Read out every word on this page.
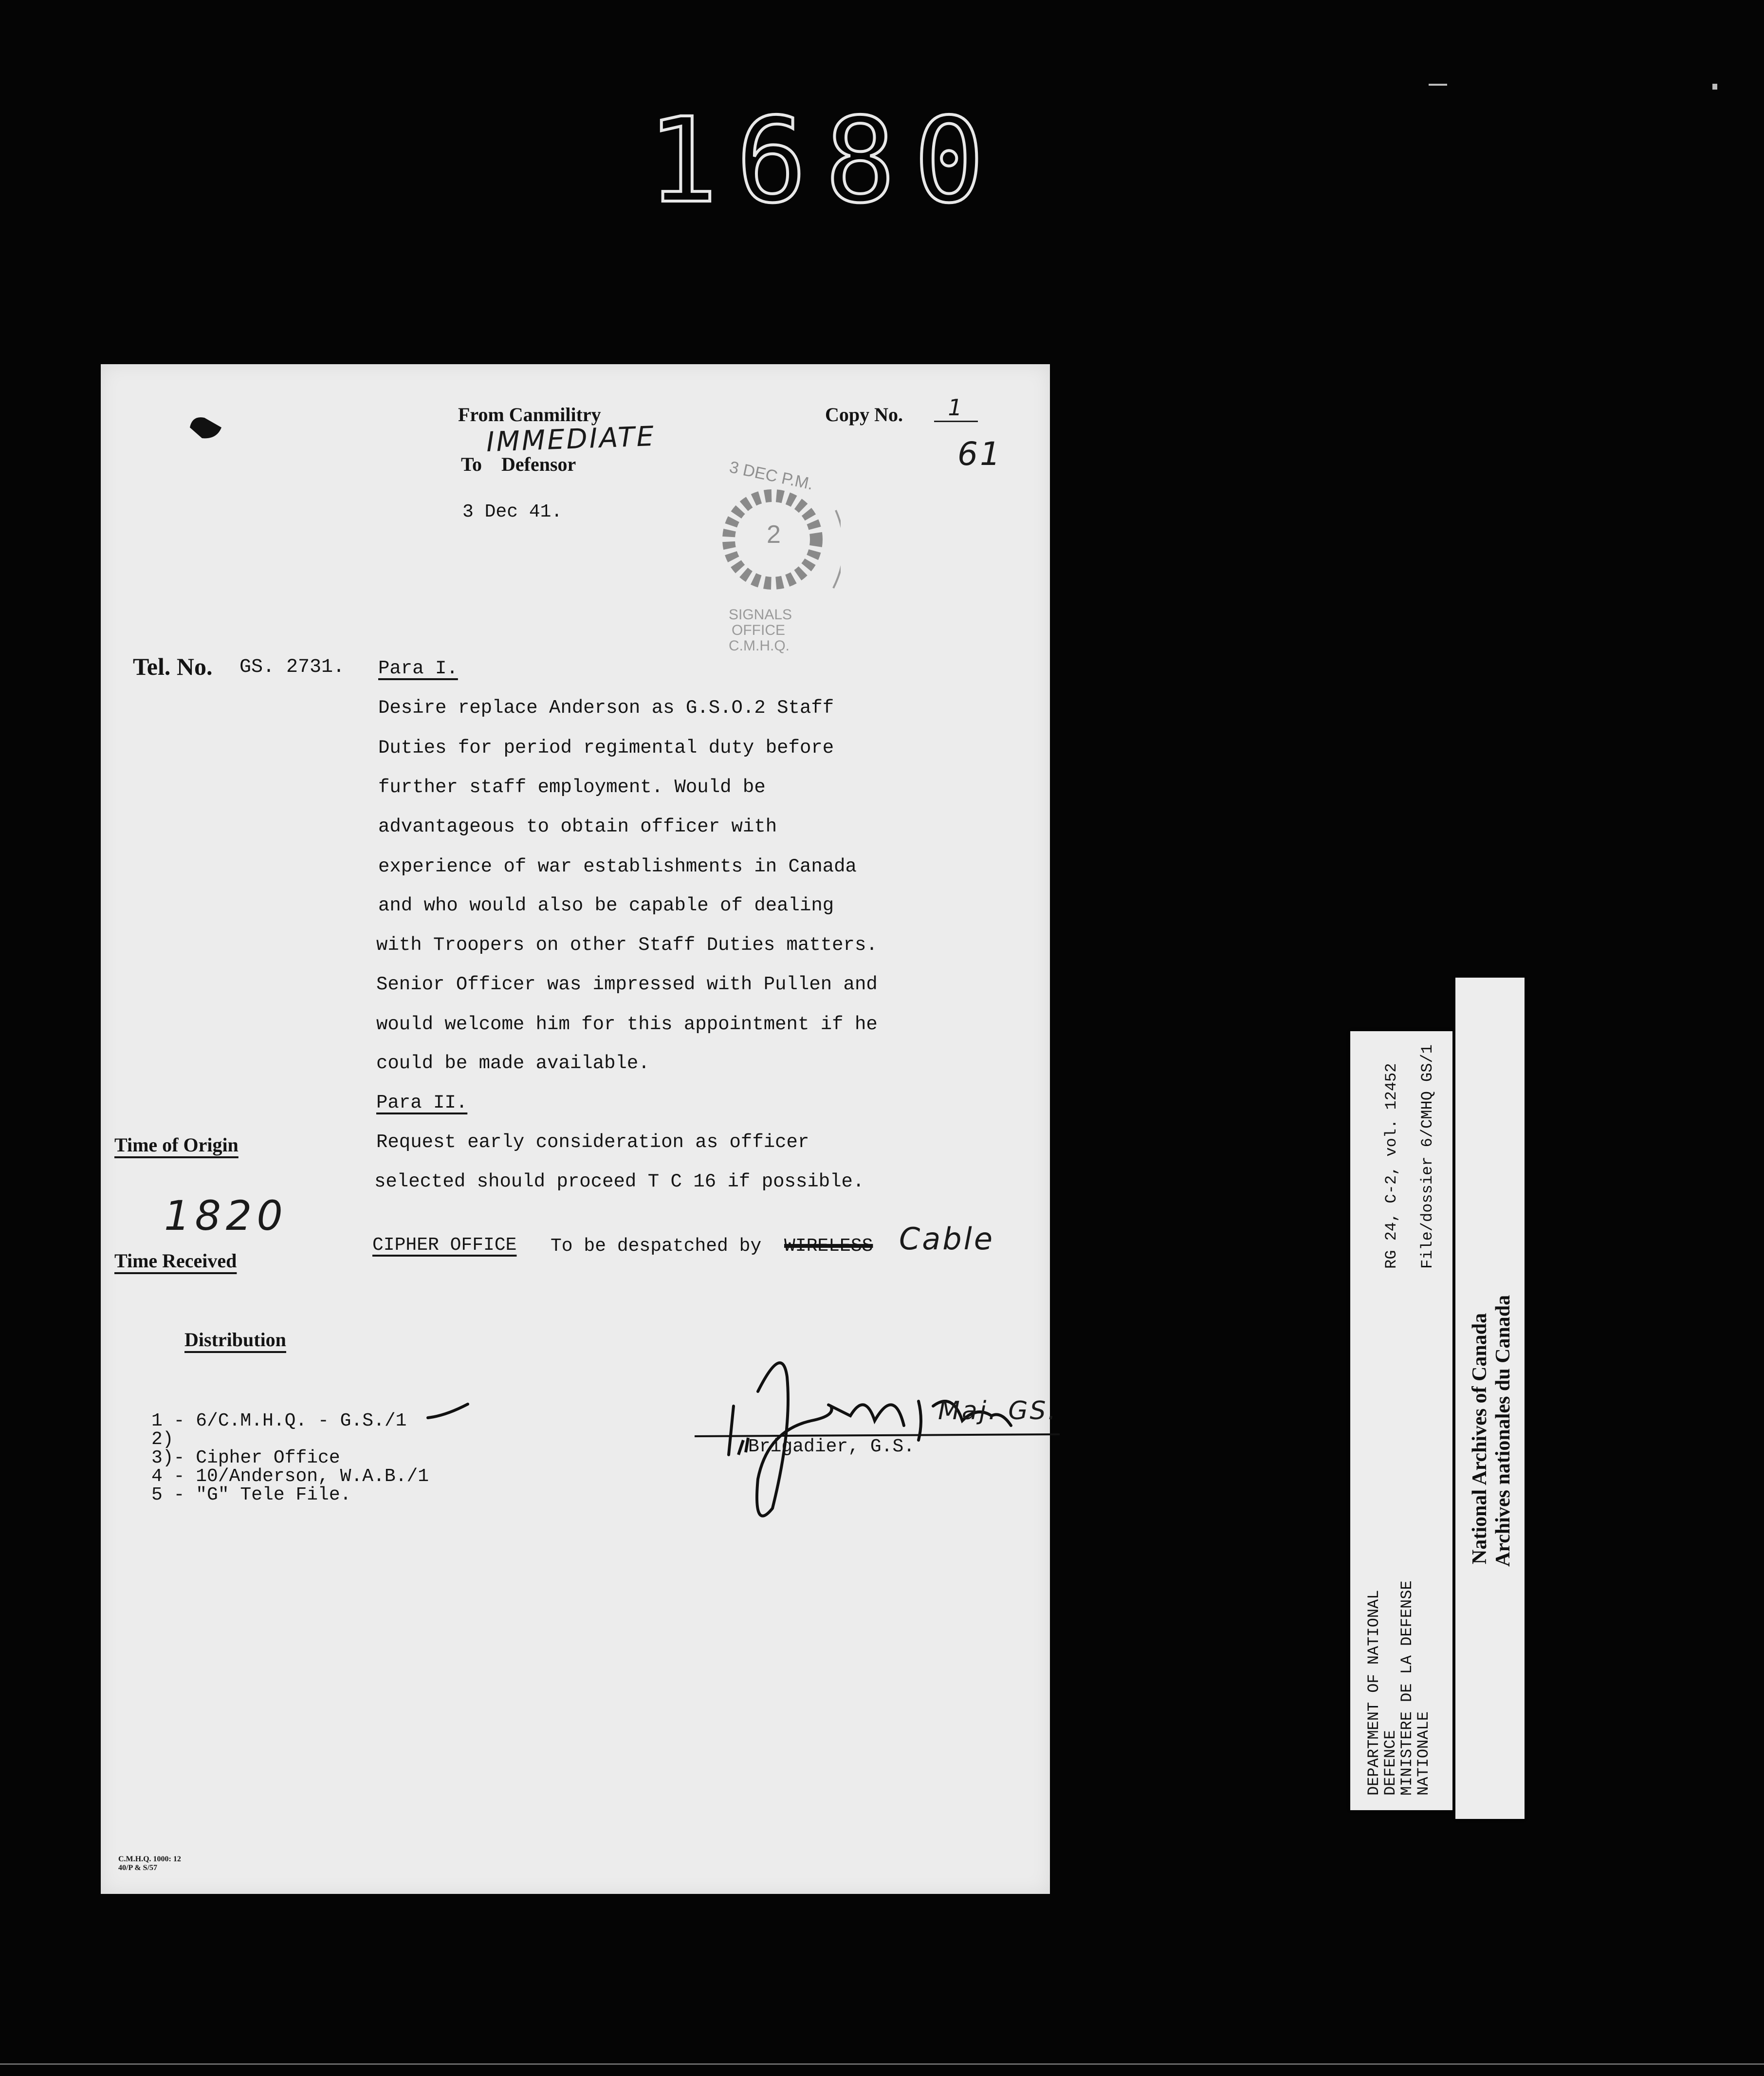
1680
From Canmilitry
IMMEDIATE
To Defensor
Copy No.	1
61
3 Dec 41.
3 DEC P.M.
2
SIGNALS
OFFICE
C.M.H.Q.
Tel. No. GS. 2731. Para I.
Desire replace Anderson as G.S.O.2 Staff
Duties for period regimental duty before
further staff employment. Would be
advantageous to obtain officer with
experience of war establishments in Canada
and who would also be capable of dealing
with Troopers on other Staff Duties matters.
Senior Officer was impressed with Pullen and
would welcome him for this appointment if he
could be made available.
Para II.
Request early consideration as officer
selected should proceed T C 16 if possible.
Time of Origin
1820
Time Received
CIPHER OFFICE To be despatched by WIRELESS Cable
Distribution
1 - 6/C.M.H.Q. - G.S./1
2)
3)- Cipher Office
4 - 10/Anderson, W.A.B./1
5 - "G" Tele File.
Maj. GS.
Brigadier, G.S.
C.M.H.Q. 1000: 12
40/P & S/57
DEPARTMENT OF NATIONAL
DEFENCE
MINISTERE DE LA DEFENSE
NATIONALE
RG 24, C-2, vol. 12452 File/dossier 6/CMHQ GS/1
National Archives of Canada Archives nationales du Canada
